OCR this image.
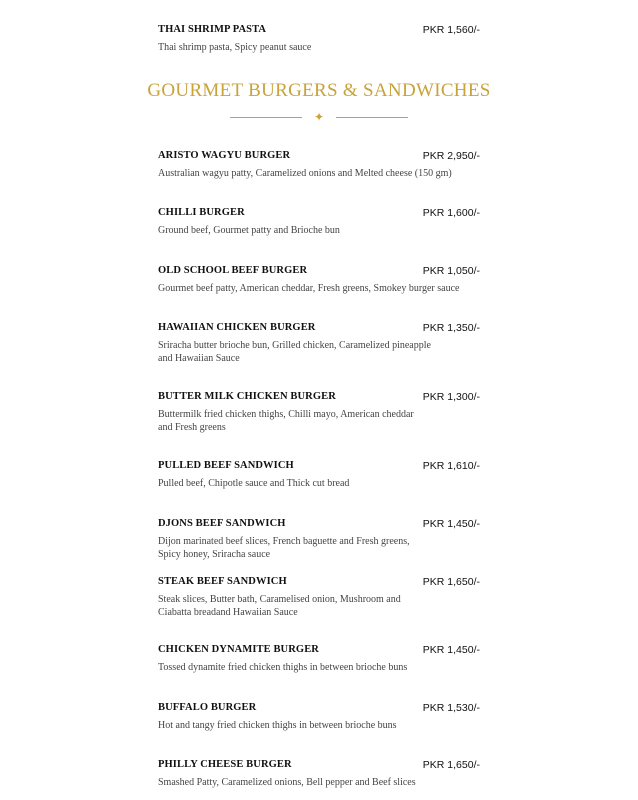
THAI SHRIMP PASTA	PKR 1,560/-
Thai shrimp pasta, Spicy peanut sauce
GOURMET BURGERS & SANDWICHES
✦
ARISTO WAGYU BURGER	PKR 2,950/-
Australian wagyu patty, Caramelized onions and Melted cheese (150 gm)
CHILLI BURGER	PKR 1,600/-
Ground beef, Gourmet patty and Brioche bun
OLD SCHOOL BEEF BURGER	PKR 1,050/-
Gourmet beef patty, American cheddar, Fresh greens, Smokey burger sauce
HAWAIIAN CHICKEN BURGER	PKR 1,350/-
Sriracha butter brioche bun, Grilled chicken, Caramelized pineapple and Hawaiian Sauce
BUTTER MILK CHICKEN BURGER	PKR 1,300/-
Buttermilk fried chicken thighs, Chilli mayo, American cheddar and Fresh greens
PULLED BEEF SANDWICH	PKR 1,610/-
Pulled beef, Chipotle sauce and Thick cut bread
DJONS BEEF SANDWICH	PKR 1,450/-
Dijon marinated beef slices, French baguette and Fresh greens, Spicy honey, Sriracha sauce
STEAK BEEF SANDWICH	PKR 1,650/-
Steak slices, Butter bath, Caramelised onion, Mushroom and Ciabatta breadand Hawaiian Sauce
CHICKEN DYNAMITE BURGER	PKR 1,450/-
Tossed dynamite fried chicken thighs in between brioche buns
BUFFALO BURGER	PKR 1,530/-
Hot and tangy fried chicken thighs in between brioche buns
PHILLY CHEESE BURGER	PKR 1,650/-
Smashed Patty, Caramelized onions, Bell pepper and Beef slices
